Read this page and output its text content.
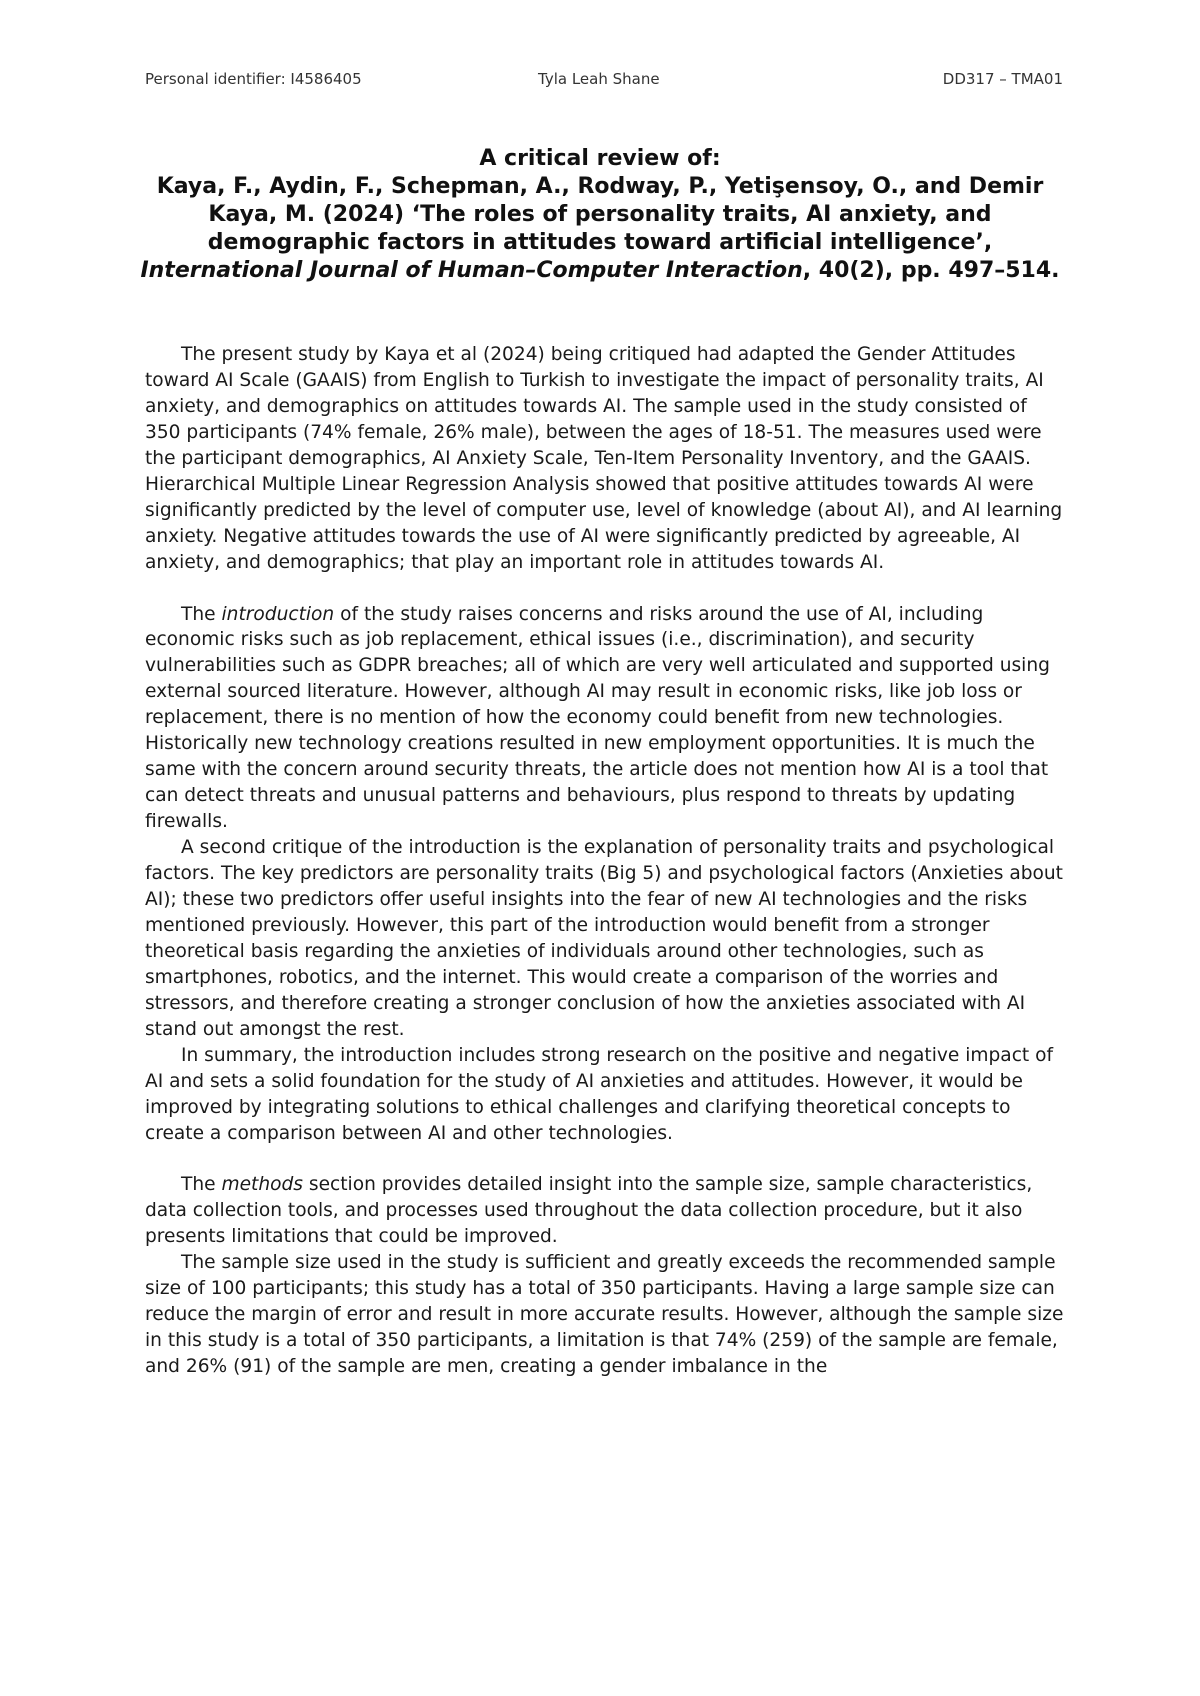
Personal identifier: I4586405	Tyla Leah Shane	DD317 – TMA01
A critical review of:
Kaya, F., Aydin, F., Schepman, A., Rodway, P., Yetişensoy, O., and Demir Kaya, M. (2024) ‘The roles of personality traits, AI anxiety, and demographic factors in attitudes toward artificial intelligence’, International Journal of Human–Computer Interaction, 40(2), pp. 497–514.

The present study by Kaya et al (2024) being critiqued had adapted the Gender Attitudes toward AI Scale (GAAIS) from English to Turkish to investigate the impact of personality traits, AI anxiety, and demographics on attitudes towards AI. The sample used in the study consisted of 350 participants (74% female, 26% male), between the ages of 18-51. The measures used were the participant demographics, AI Anxiety Scale, Ten-Item Personality Inventory, and the GAAIS. Hierarchical Multiple Linear Regression Analysis showed that positive attitudes towards AI were significantly predicted by the level of computer use, level of knowledge (about AI), and AI learning anxiety. Negative attitudes towards the use of AI were significantly predicted by agreeable, AI anxiety, and demographics; that play an important role in attitudes towards AI.

The introduction of the study raises concerns and risks around the use of AI, including economic risks such as job replacement, ethical issues (i.e., discrimination), and security vulnerabilities such as GDPR breaches; all of which are very well articulated and supported using external sourced literature. However, although AI may result in economic risks, like job loss or replacement, there is no mention of how the economy could benefit from new technologies. Historically new technology creations resulted in new employment opportunities. It is much the same with the concern around security threats, the article does not mention how AI is a tool that can detect threats and unusual patterns and behaviours, plus respond to threats by updating firewalls.

A second critique of the introduction is the explanation of personality traits and psychological factors. The key predictors are personality traits (Big 5) and psychological factors (Anxieties about AI); these two predictors offer useful insights into the fear of new AI technologies and the risks mentioned previously. However, this part of the introduction would benefit from a stronger theoretical basis regarding the anxieties of individuals around other technologies, such as smartphones, robotics, and the internet. This would create a comparison of the worries and stressors, and therefore creating a stronger conclusion of how the anxieties associated with AI stand out amongst the rest.

In summary, the introduction includes strong research on the positive and negative impact of AI and sets a solid foundation for the study of AI anxieties and attitudes. However, it would be improved by integrating solutions to ethical challenges and clarifying theoretical concepts to create a comparison between AI and other technologies.

The methods section provides detailed insight into the sample size, sample characteristics, data collection tools, and processes used throughout the data collection procedure, but it also presents limitations that could be improved.

The sample size used in the study is sufficient and greatly exceeds the recommended sample size of 100 participants; this study has a total of 350 participants. Having a large sample size can reduce the margin of error and result in more accurate results. However, although the sample size in this study is a total of 350 participants, a limitation is that 74% (259) of the sample are female, and 26% (91) of the sample are men, creating a gender imbalance in the
